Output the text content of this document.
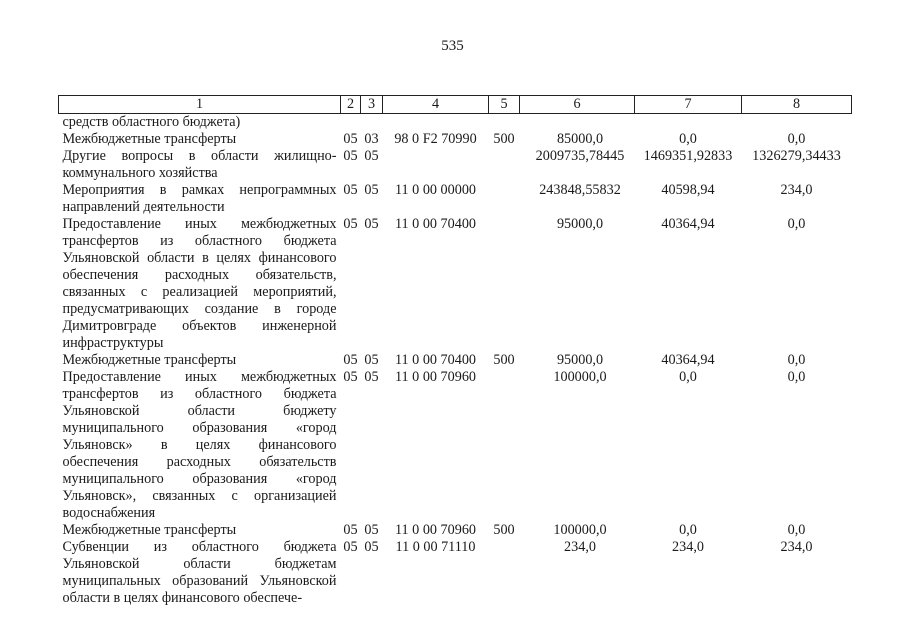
535
1	2	3	4	5	6	7	8
средств областного бюджета)							
Межбюджетные трансферты	05	03	98 0 F2 70990	500	85000,0	0,0	0,0
Другие вопросы в области жилищно-коммунального хозяйства	05	05			2009735,78445	1469351,92833	1326279,34433
Мероприятия в рамках непрограммных направлений деятельности	05	05	11 0 00 00000		243848,55832	40598,94	234,0
Предоставление иных межбюджетных трансфертов из областного бюджета Ульяновской области в целях финансового обеспечения расходных обязательств, связанных с реализацией мероприятий, предусматривающих создание в городе Димитровграде объектов инженерной инфраструктуры	05	05	11 0 00 70400		95000,0	40364,94	0,0
Межбюджетные трансферты	05	05	11 0 00 70400	500	95000,0	40364,94	0,0
Предоставление иных межбюджетных трансфертов из областного бюджета Ульяновской области бюджету муниципального образования «город Ульяновск» в целях финансового обеспечения расходных обязательств муниципального образования «город Ульяновск», связанных с организацией водоснабжения	05	05	11 0 00 70960		100000,0	0,0	0,0
Межбюджетные трансферты	05	05	11 0 00 70960	500	100000,0	0,0	0,0
Субвенции из областного бюджета Ульяновской области бюджетам муниципальных образований Ульяновской области в целях финансового обеспече-	05	05	11 0 00 71110		234,0	234,0	234,0
